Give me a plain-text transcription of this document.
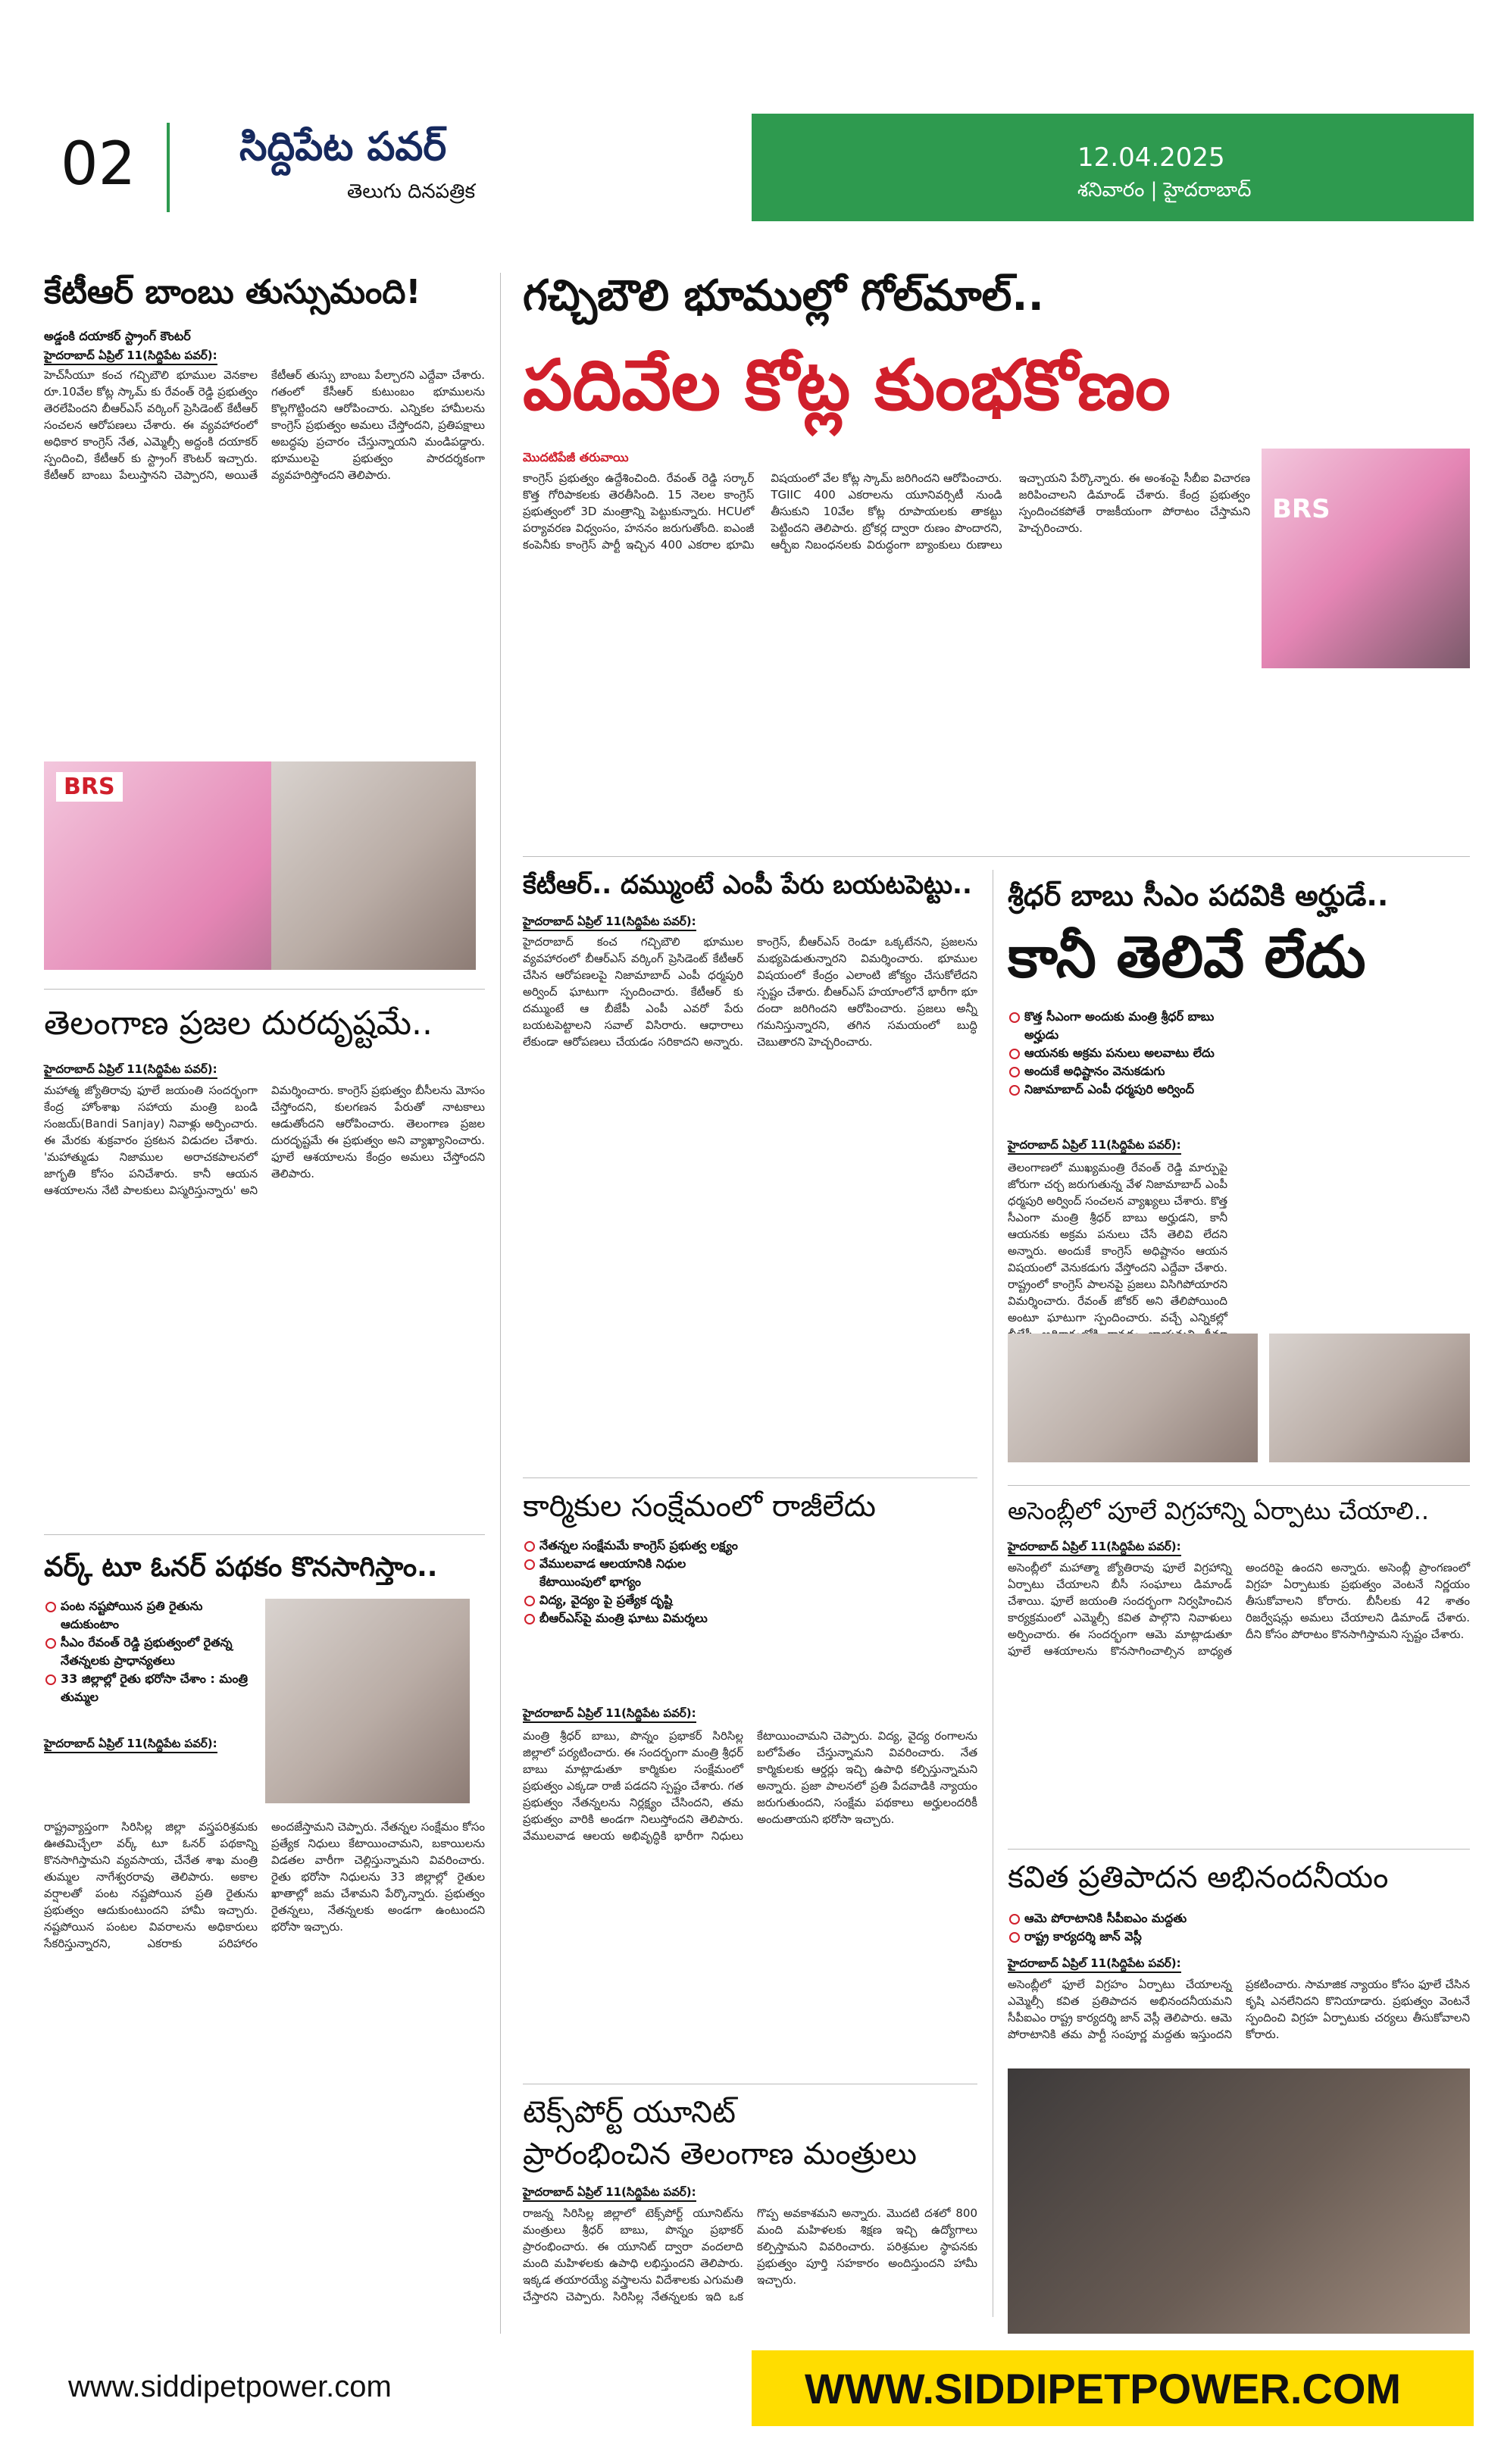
02	సిద్దిపేట పవర్
తెలుగు దినపత్రిక
12.04.2025
శనివారం | హైదరాబాద్
కేటీఆర్ బాంబు తుస్సుమంది!
అడ్డంకి దయాకర్ స్ట్రాంగ్ కౌంటర్
హైదరాబాద్ ఏప్రిల్ 11(సిద్దిపేట పవర్):
హెచ్‌సీయూ కంచ గచ్చిబౌలి భూముల వెనకాల రూ.10వేల కోట్ల స్కామ్ కు రేవంత్ రెడ్డి ప్రభుత్వం తెరలేపిందని బీఆర్‌ఎస్ వర్కింగ్ ప్రెసిడెంట్ కేటీఆర్ సంచలన ఆరోపణలు చేశారు. ఈ వ్యవహారంలో అధికార కాంగ్రెస్ నేత, ఎమ్మెల్సీ అద్దంకి దయాకర్ స్పందించి, కేటీఆర్ కు స్ట్రాంగ్ కౌంటర్ ఇచ్చారు. కేటీఆర్ బాంబు పేలుస్తానని చెప్పారని, అయితే కేటీఆర్ తుస్సు బాంబు పేల్చారని ఎద్దేవా చేశారు. గతంలో కేసీఆర్ కుటుంబం భూములను కొల్లగొట్టిందని ఆరోపించారు. ఎన్నికల హామీలను కాంగ్రెస్ ప్రభుత్వం అమలు చేస్తోందని, ప్రతిపక్షాలు అబద్ధపు ప్రచారం చేస్తున్నాయని మండిపడ్డారు. భూములపై ప్రభుత్వం పారదర్శకంగా వ్యవహరిస్తోందని తెలిపారు.
BRS
తెలంగాణ ప్రజల దురదృష్టమే..
హైదరాబాద్ ఏప్రిల్ 11(సిద్దిపేట పవర్):
మహాత్మ జ్యోతిరావు ఫూలే జయంతి సందర్భంగా కేంద్ర హోంశాఖ సహాయ మంత్రి బండి సంజయ్(Bandi Sanjay) నివాళ్లు అర్పించారు. ఈ మేరకు శుక్రవారం ప్రకటన విడుదల చేశారు. 'మహాత్ముడు నిజాముల అరాచకపాలనలో జాగృతి కోసం పనిచేశారు. కానీ ఆయన ఆశయాలను నేటి పాలకులు విస్మరిస్తున్నారు' అని విమర్శించారు. కాంగ్రెస్ ప్రభుత్వం బీసీలను మోసం చేస్తోందని, కులగణన పేరుతో నాటకాలు ఆడుతోందని ఆరోపించారు. తెలంగాణ ప్రజల దురదృష్టమే ఈ ప్రభుత్వం అని వ్యాఖ్యానించారు. ఫూలే ఆశయాలను కేంద్రం అమలు చేస్తోందని తెలిపారు.
వర్క్ టూ ఓనర్ పథకం కొనసాగిస్తాం..
పంట నష్టపోయిన ప్రతి రైతును ఆదుకుంటాం
సీఎం రేవంత్ రెడ్డి ప్రభుత్వంలో రైతన్న నేతన్నలకు ప్రాధాన్యతలు
33 జిల్లాల్లో రైతు భరోసా చేశాం : మంత్రి తుమ్మల
హైదరాబాద్ ఏప్రిల్ 11(సిద్దిపేట పవర్):
రాష్ట్రవ్యాప్తంగా సిరిసిల్ల జిల్లా వస్త్రపరిశ్రమకు ఊతమిచ్చేలా వర్క్ టూ ఓనర్ పథకాన్ని కొనసాగిస్తామని వ్యవసాయ, చేనేత శాఖ మంత్రి తుమ్మల నాగేశ్వరరావు తెలిపారు. అకాల వర్షాలతో పంట నష్టపోయిన ప్రతి రైతును ప్రభుత్వం ఆదుకుంటుందని హామీ ఇచ్చారు. నష్టపోయిన పంటల వివరాలను అధికారులు సేకరిస్తున్నారని, ఎకరాకు పరిహారం అందజేస్తామని చెప్పారు. నేతన్నల సంక్షేమం కోసం ప్రత్యేక నిధులు కేటాయించామని, బకాయిలను విడతల వారీగా చెల్లిస్తున్నామని వివరించారు. రైతు భరోసా నిధులను 33 జిల్లాల్లో రైతుల ఖాతాల్లో జమ చేశామని పేర్కొన్నారు. ప్రభుత్వం రైతన్నలు, నేతన్నలకు అండగా ఉంటుందని భరోసా ఇచ్చారు.
గచ్చిబౌలి భూముల్లో గోల్‌మాల్..
పదివేల కోట్ల కుంభకోణం
మొదటిపేజీ తరువాయి
కాంగ్రెస్ ప్రభుత్వం ఉద్దేశించింది. రేవంత్ రెడ్డి సర్కార్ కొత్త గోరిపాకలకు తెరతీసింది. 15 నెలల కాంగ్రెస్ ప్రభుత్వంలో 3D మంత్రాన్ని పెట్టుకున్నారు. HCUలో పర్యావరణ విధ్వంసం, హననం జరుగుతోంది. ఐఎంజీ కంపెనీకు కాంగ్రెస్ పార్టీ ఇచ్చిన 400 ఎకరాల భూమి విషయంలో వేల కోట్ల స్కామ్ జరిగిందని ఆరోపించారు. TGIIC 400 ఎకరాలను యూనివర్సిటీ నుండి తీసుకుని 10వేల కోట్ల రూపాయలకు తాకట్టు పెట్టిందని తెలిపారు. బ్రోకర్ల ద్వారా రుణం పొందారని, ఆర్బీఐ నిబంధనలకు విరుద్ధంగా బ్యాంకులు రుణాలు ఇచ్చాయని పేర్కొన్నారు. ఈ అంశంపై సీబీఐ విచారణ జరిపించాలని డిమాండ్ చేశారు. కేంద్ర ప్రభుత్వం స్పందించకపోతే రాజకీయంగా పోరాటం చేస్తామని హెచ్చరించారు.
BRS
కేటీఆర్.. దమ్ముంటే ఎంపీ పేరు బయటపెట్టు..
హైదరాబాద్ ఏప్రిల్ 11(సిద్దిపేట పవర్):
హైదరాబాద్ కంచ గచ్చిబౌలి భూముల వ్యవహారంలో బీఆర్‌ఎస్ వర్కింగ్ ప్రెసిడెంట్ కేటీఆర్ చేసిన ఆరోపణలపై నిజామాబాద్ ఎంపీ ధర్మపురి అర్వింద్ ఘాటుగా స్పందించారు. కేటీఆర్ కు దమ్ముంటే ఆ బీజేపీ ఎంపీ ఎవరో పేరు బయటపెట్టాలని సవాల్ విసిరారు. ఆధారాలు లేకుండా ఆరోపణలు చేయడం సరికాదని అన్నారు. కాంగ్రెస్, బీఆర్‌ఎస్ రెండూ ఒక్కటేనని, ప్రజలను మభ్యపెడుతున్నారని విమర్శించారు. భూముల విషయంలో కేంద్రం ఎలాంటి జోక్యం చేసుకోలేదని స్పష్టం చేశారు. బీఆర్‌ఎస్ హయాంలోనే భారీగా భూ దందా జరిగిందని ఆరోపించారు. ప్రజలు అన్నీ గమనిస్తున్నారని, తగిన సమయంలో బుద్ధి చెబుతారని హెచ్చరించారు.
శ్రీధర్ బాబు సీఎం పదవికి అర్హుడే..
కానీ తెలివే లేదు
కొత్త సీఎంగా అందుకు మంత్రి శ్రీధర్ బాబు అర్హుడు
ఆయనకు అక్రమ పనులు అలవాటు లేదు
అందుకే అధిష్టానం వెనుకడుగు
నిజామాబాద్ ఎంపీ ధర్మపురి అర్వింద్
హైదరాబాద్ ఏప్రిల్ 11(సిద్దిపేట పవర్):
తెలంగాణలో ముఖ్యమంత్రి రేవంత్ రెడ్డి మార్పుపై జోరుగా చర్చ జరుగుతున్న వేళ నిజామాబాద్ ఎంపీ ధర్మపురి అర్వింద్ సంచలన వ్యాఖ్యలు చేశారు. కొత్త సీఎంగా మంత్రి శ్రీధర్ బాబు అర్హుడని, కానీ ఆయనకు అక్రమ పనులు చేసే తెలివి లేదని అన్నారు. అందుకే కాంగ్రెస్ అధిష్టానం ఆయన విషయంలో వెనుకడుగు వేస్తోందని ఎద్దేవా చేశారు. రాష్ట్రంలో కాంగ్రెస్ పాలనపై ప్రజలు విసిగిపోయారని విమర్శించారు. రేవంత్ జోకర్ అని తేలిపోయింది అంటూ ఘాటుగా స్పందించారు. వచ్చే ఎన్నికల్లో
కార్మికుల సంక్షేమంలో రాజీలేదు
నేతన్నల సంక్షేమమే కాంగ్రెస్ ప్రభుత్వ లక్ష్యం
వేములవాడ ఆలయానికి నిధుల కేటాయింపులో భాగ్యం
విద్య, వైద్యం పై ప్రత్యేక దృష్టి
బీఆర్‌ఎస్‌పై మంత్రి ఘాటు విమర్శలు
హైదరాబాద్ ఏప్రిల్ 11(సిద్దిపేట పవర్):
మంత్రి శ్రీధర్ బాబు, పొన్నం ప్రభాకర్ సిరిసిల్ల జిల్లాలో పర్యటించారు. ఈ సందర్భంగా మంత్రి శ్రీధర్ బాబు మాట్లాడుతూ కార్మికుల సంక్షేమంలో ప్రభుత్వం ఎక్కడా రాజీ పడదని స్పష్టం చేశారు. గత ప్రభుత్వం నేతన్నలను నిర్లక్ష్యం చేసిందని, తమ ప్రభుత్వం వారికి అండగా నిలుస్తోందని తెలిపారు. వేములవాడ ఆలయ అభివృద్ధికి భారీగా నిధులు కేటాయించామని చెప్పారు. విద్య, వైద్య రంగాలను బలోపేతం చేస్తున్నామని వివరించారు. నేత కార్మికులకు ఆర్డర్లు ఇచ్చి ఉపాధి కల్పిస్తున్నామని అన్నారు. ప్రజా పాలనలో ప్రతి పేదవాడికి న్యాయం జరుగుతుందని, సంక్షేమ పథకాలు అర్హులందరికీ అందుతాయని భరోసా ఇచ్చారు.
టెక్స్‌పోర్ట్ యూనిట్
ప్రారంభించిన తెలంగాణ మంత్రులు
హైదరాబాద్ ఏప్రిల్ 11(సిద్దిపేట పవర్):
రాజన్న సిరిసిల్ల జిల్లాలో టెక్స్‌పోర్ట్ యూనిట్‌ను మంత్రులు శ్రీధర్ బాబు, పొన్నం ప్రభాకర్ ప్రారంభించారు. ఈ యూనిట్ ద్వారా వందలాది మంది మహిళలకు ఉపాధి లభిస్తుందని తెలిపారు. ఇక్కడ తయారయ్యే వస్త్రాలను విదేశాలకు ఎగుమతి చేస్తారని చెప్పారు. సిరిసిల్ల నేతన్నలకు ఇది ఒక గొప్ప అవకాశమని అన్నారు. మొదటి దశలో 800 మంది మహిళలకు శిక్షణ ఇచ్చి ఉద్యోగాలు కల్పిస్తామని వివరించారు. పరిశ్రమల స్థాపనకు ప్రభుత్వం పూర్తి సహకారం అందిస్తుందని హామీ ఇచ్చారు.
అసెంబ్లీలో పూలే విగ్రహాన్ని ఏర్పాటు చేయాలి..
హైదరాబాద్ ఏప్రిల్ 11(సిద్దిపేట పవర్):
అసెంబ్లీలో మహాత్మా జ్యోతిరావు ఫూలే విగ్రహాన్ని ఏర్పాటు చేయాలని బీసీ సంఘాలు డిమాండ్ చేశాయి. ఫూలే జయంతి సందర్భంగా నిర్వహించిన కార్యక్రమంలో ఎమ్మెల్సీ కవిత పాల్గొని నివాళులు అర్పించారు. ఈ సందర్భంగా ఆమె మాట్లాడుతూ ఫూలే ఆశయాలను కొనసాగించాల్సిన బాధ్యత అందరిపై ఉందని అన్నారు. అసెంబ్లీ ప్రాంగణంలో విగ్రహ ఏర్పాటుకు ప్రభుత్వం వెంటనే నిర్ణయం తీసుకోవాలని కోరారు. బీసీలకు 42 శాతం రిజర్వేషన్లు అమలు చేయాలని డిమాండ్ చేశారు. దీని కోసం పోరాటం కొనసాగిస్తామని స్పష్టం చేశారు.
కవిత ప్రతిపాదన అభినందనీయం
ఆమె పోరాటానికి సీపీఐఎం మద్దతు
రాష్ట్ర కార్యదర్శి జాన్ వెస్లీ
హైదరాబాద్ ఏప్రిల్ 11(సిద్దిపేట పవర్):
అసెంబ్లీలో ఫూలే విగ్రహం ఏర్పాటు చేయాలన్న ఎమ్మెల్సీ కవిత ప్రతిపాదన అభినందనీయమని సీపీఐఎం రాష్ట్ర కార్యదర్శి జాన్ వెస్లీ తెలిపారు. ఆమె పోరాటానికి తమ పార్టీ సంపూర్ణ మద్దతు ఇస్తుందని ప్రకటించారు. సామాజిక న్యాయం కోసం ఫూలే చేసిన కృషి ఎనలేనిదని కొనియాడారు. ప్రభుత్వం వెంటనే స్పందించి విగ్రహ ఏర్పాటుకు చర్యలు తీసుకోవాలని కోరారు.
www.siddipetpower.com	WWW.SIDDIPETPOWER.COM
